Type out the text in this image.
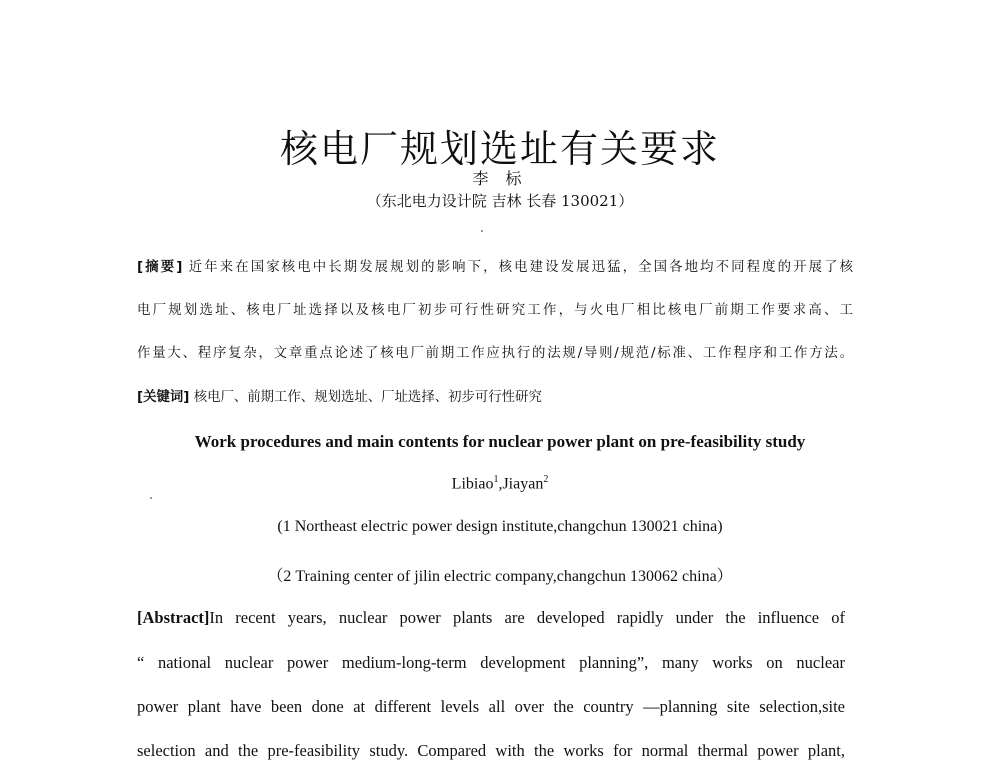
核电厂规划选址有关要求
李 标
（东北电力设计院 吉林 长春 130021）
[摘要] 近年来在国家核电中长期发展规划的影响下，核电建设发展迅猛，全国各地均不同程度的开展了核
电厂规划选址、核电厂址选择以及核电厂初步可行性研究工作，与火电厂相比核电厂前期工作要求高、工
作量大、程序复杂，文章重点论述了核电厂前期工作应执行的法规/导则/规范/标准、工作程序和工作方法。
[关键词] 核电厂、前期工作、规划选址、厂址选择、初步可行性研究
Work procedures and main contents for nuclear power plant on pre-feasibility study
Libiao$^1$,Jiayan$^2$
(1 Northeast electric power design institute,changchun 130021 china)
（2 Training center of jilin electric company,changchun 130062 china）
[Abstract]In recent years, nuclear power plants are developed rapidly under the influence of
“ national nuclear power medium-long-term development planning”, many works on nuclear
power plant have been done at different levels all over the country —planning site selection,site
selection and the pre-feasibility study. Compared with the works for normal thermal power plant,
